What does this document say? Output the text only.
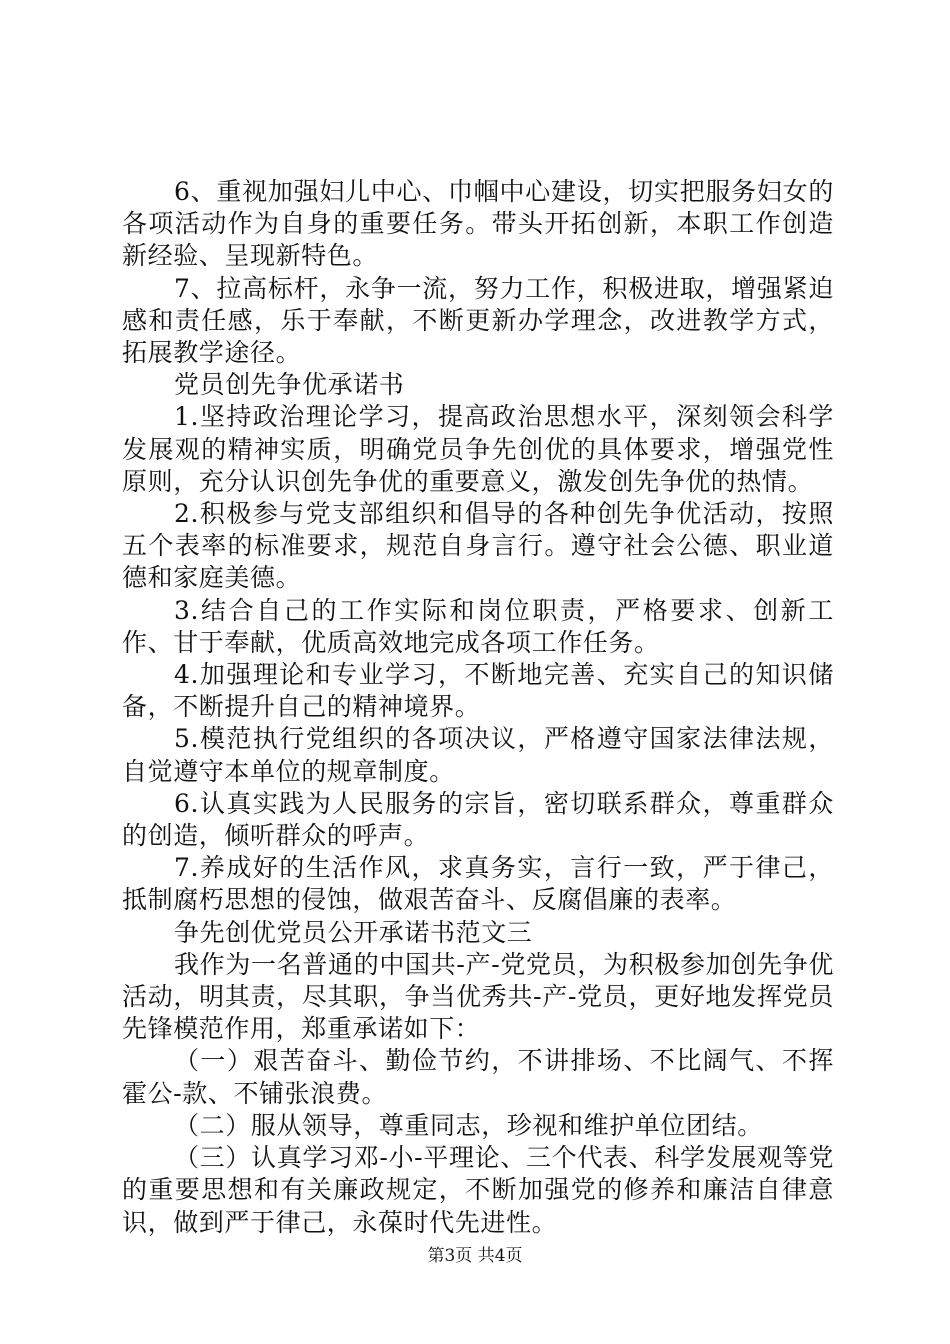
6、重视加强妇儿中心、巾帼中心建设，切实把服务妇女的各项活动作为自身的重要任务。带头开拓创新，本职工作创造新经验、呈现新特色。

7、拉高标杆，永争一流，努力工作，积极进取，增强紧迫感和责任感，乐于奉献，不断更新办学理念，改进教学方式，拓展教学途径。

党员创先争优承诺书

1.坚持政治理论学习，提高政治思想水平，深刻领会科学发展观的精神实质，明确党员争先创优的具体要求，增强党性原则，充分认识创先争优的重要意义，激发创先争优的热情。

2.积极参与党支部组织和倡导的各种创先争优活动，按照五个表率的标准要求，规范自身言行。遵守社会公德、职业道德和家庭美德。

3.结合自己的工作实际和岗位职责，严格要求、创新工作、甘于奉献，优质高效地完成各项工作任务。

4.加强理论和专业学习，不断地完善、充实自己的知识储备，不断提升自己的精神境界。

5.模范执行党组织的各项决议，严格遵守国家法律法规，自觉遵守本单位的规章制度。

6.认真实践为人民服务的宗旨，密切联系群众，尊重群众的创造，倾听群众的呼声。

7.养成好的生活作风，求真务实，言行一致，严于律己，抵制腐朽思想的侵蚀，做艰苦奋斗、反腐倡廉的表率。

争先创优党员公开承诺书范文三

我作为一名普通的中国共-产-党党员，为积极参加创先争优活动，明其责，尽其职，争当优秀共-产-党员，更好地发挥党员先锋模范作用，郑重承诺如下：

（一）艰苦奋斗、勤俭节约，不讲排场、不比阔气、不挥霍公-款、不铺张浪费。

（二）服从领导，尊重同志，珍视和维护单位团结。

（三）认真学习邓-小-平理论、三个代表、科学发展观等党的重要思想和有关廉政规定，不断加强党的修养和廉洁自律意识，做到严于律己，永葆时代先进性。

第3页 共4页
